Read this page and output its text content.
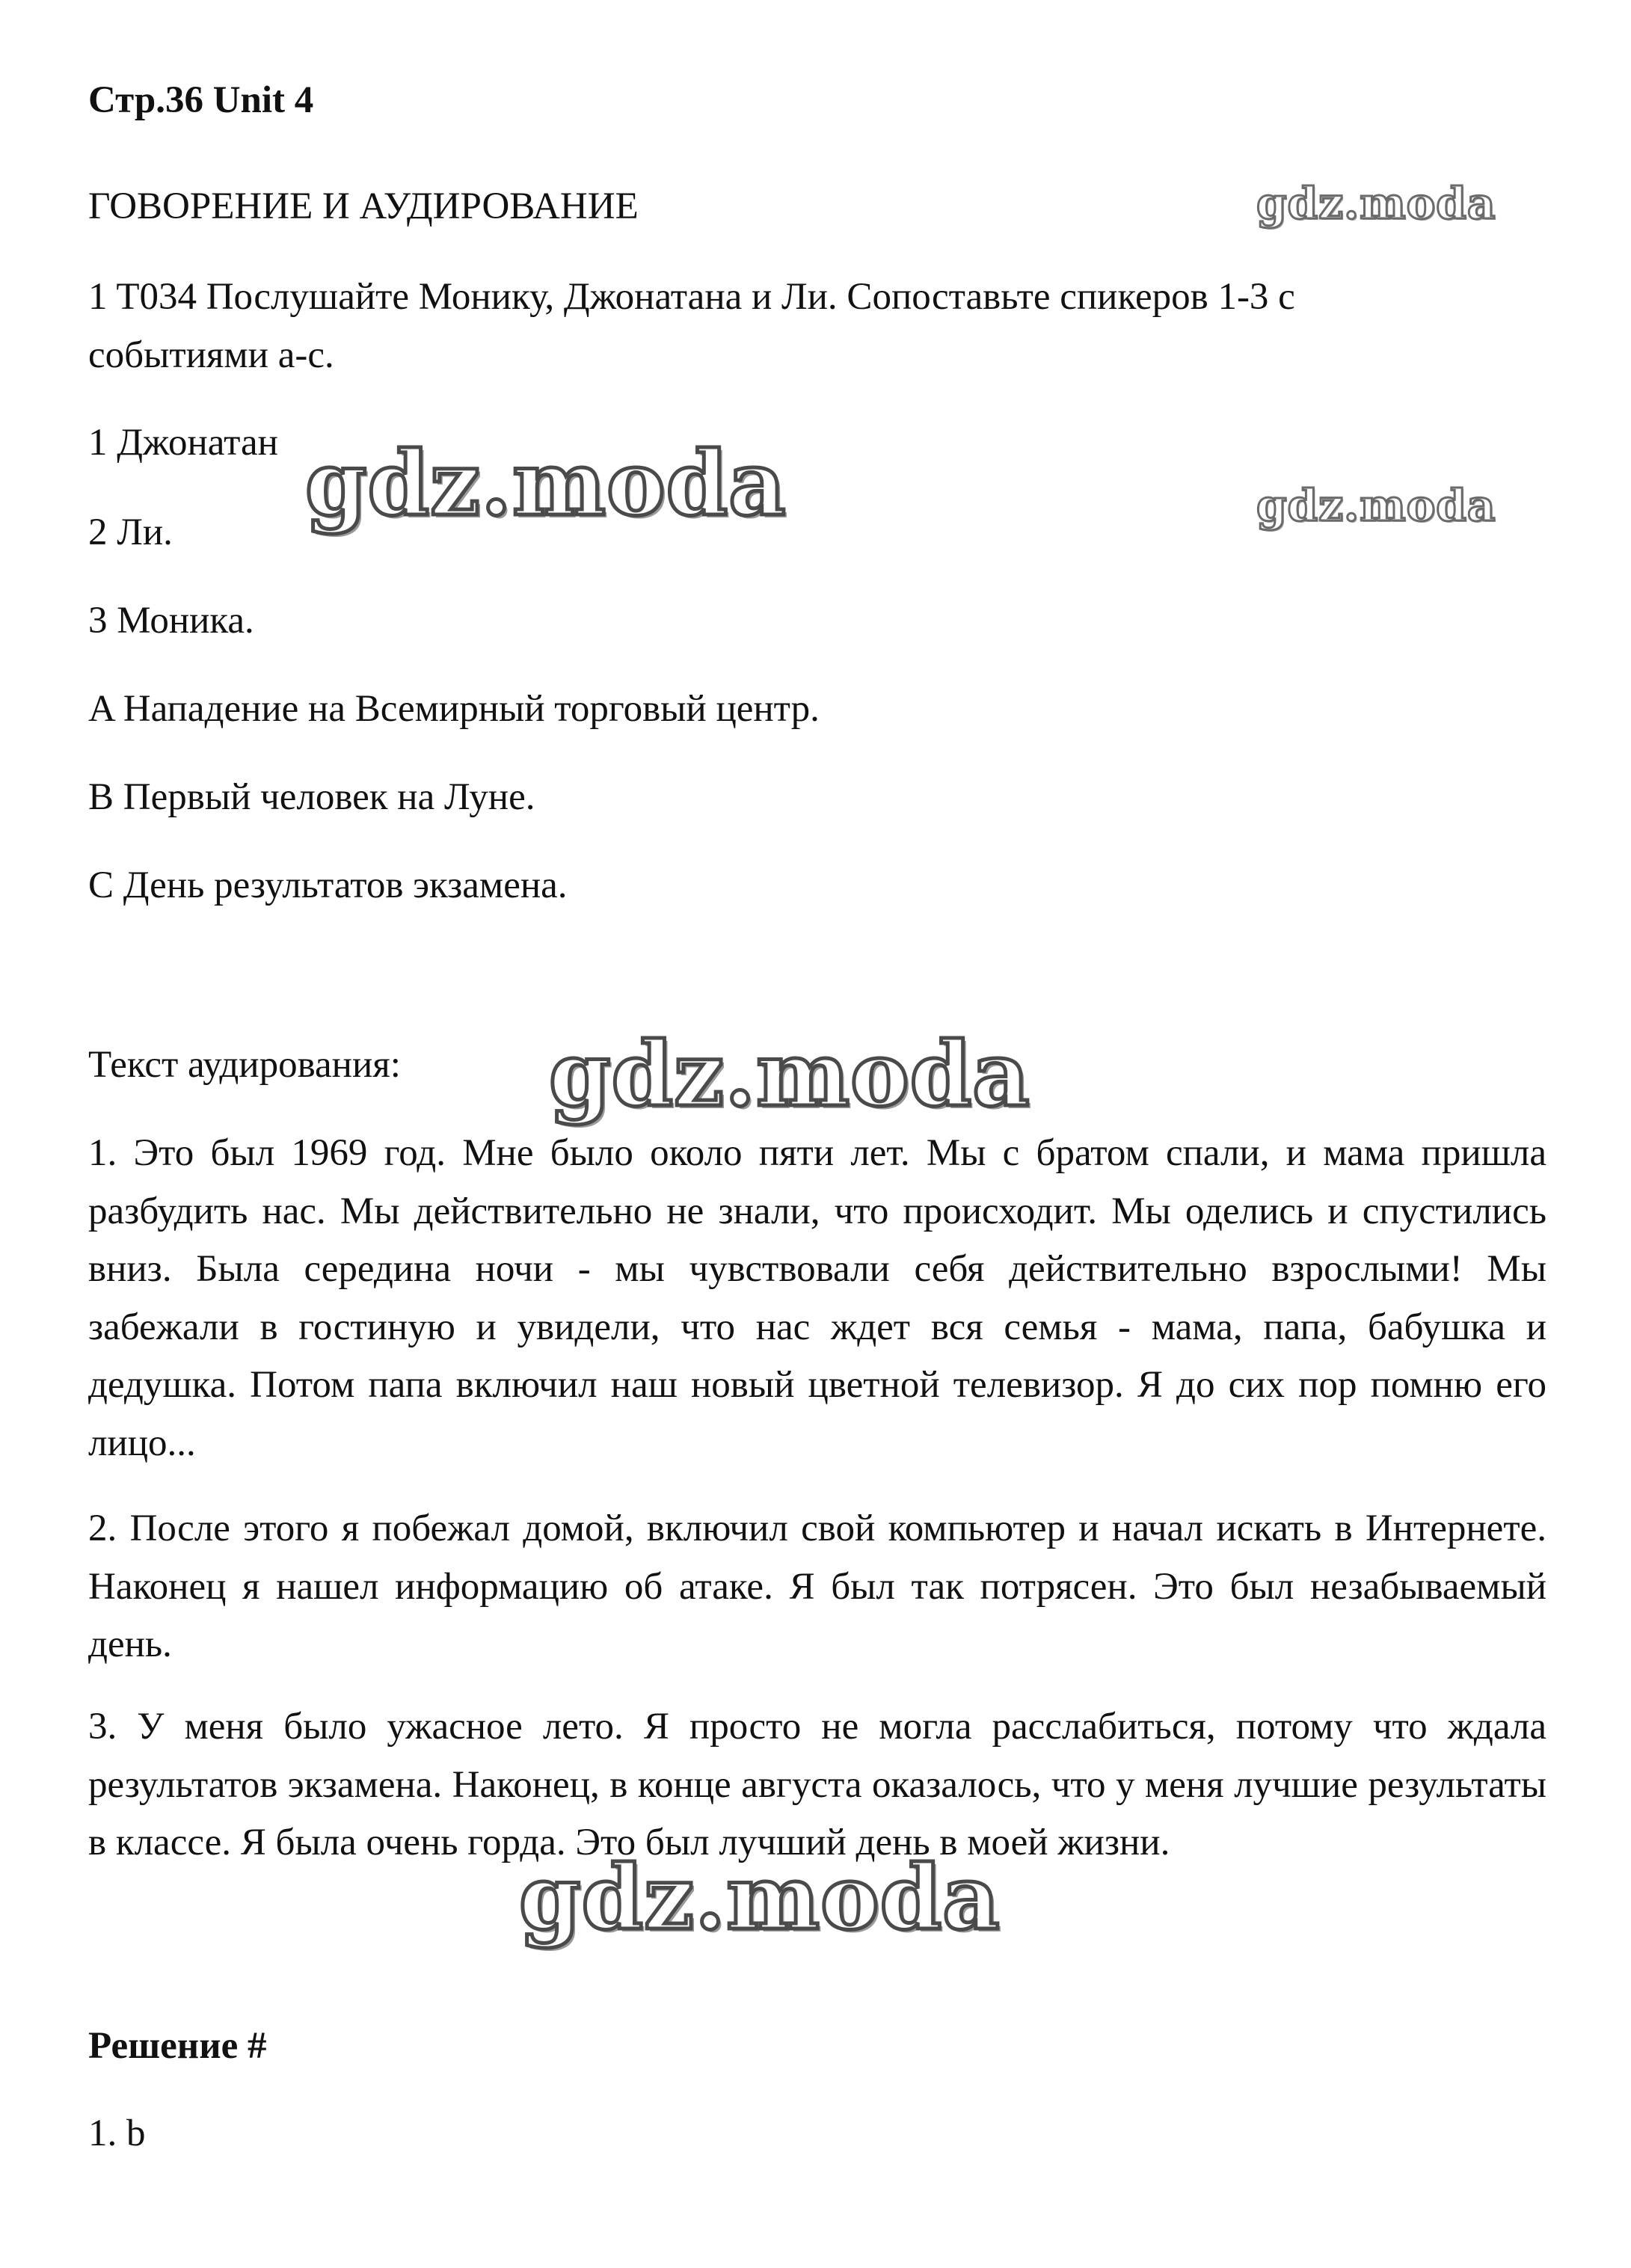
Стр.36 Unit 4
ГОВОРЕНИЕ И АУДИРОВАНИЕ
1 T034 Послушайте Монику, Джонатана и Ли. Сопоставьте спикеров 1-3 с
событиями a-c.
1 Джонатан
2 Ли.
3 Моника.
A Нападение на Всемирный торговый центр.
B Первый человек на Луне.
C День результатов экзамена.
Текст аудирования:
1. Это был 1969 год. Мне было около пяти лет. Мы с братом спали, и мама пришла разбудить нас. Мы действительно не знали, что происходит. Мы оделись и спустились вниз. Была середина ночи - мы чувствовали себя действительно взрослыми! Мы забежали в гостиную и увидели, что нас ждет вся семья - мама, папа, бабушка и дедушка. Потом папа включил наш новый цветной телевизор. Я до сих пор помню его лицо...
2. После этого я побежал домой, включил свой компьютер и начал искать в Интернете. Наконец я нашел информацию об атаке. Я был так потрясен. Это был незабываемый день.
3. У меня было ужасное лето. Я просто не могла расслабиться, потому что ждала результатов экзамена. Наконец, в конце августа оказалось, что у меня лучшие результаты в классе. Я была очень горда. Это был лучший день в моей жизни.
Решение #
1. b
gdz.moda
gdz.moda	gdz.moda
gdz.moda
gdz.moda
